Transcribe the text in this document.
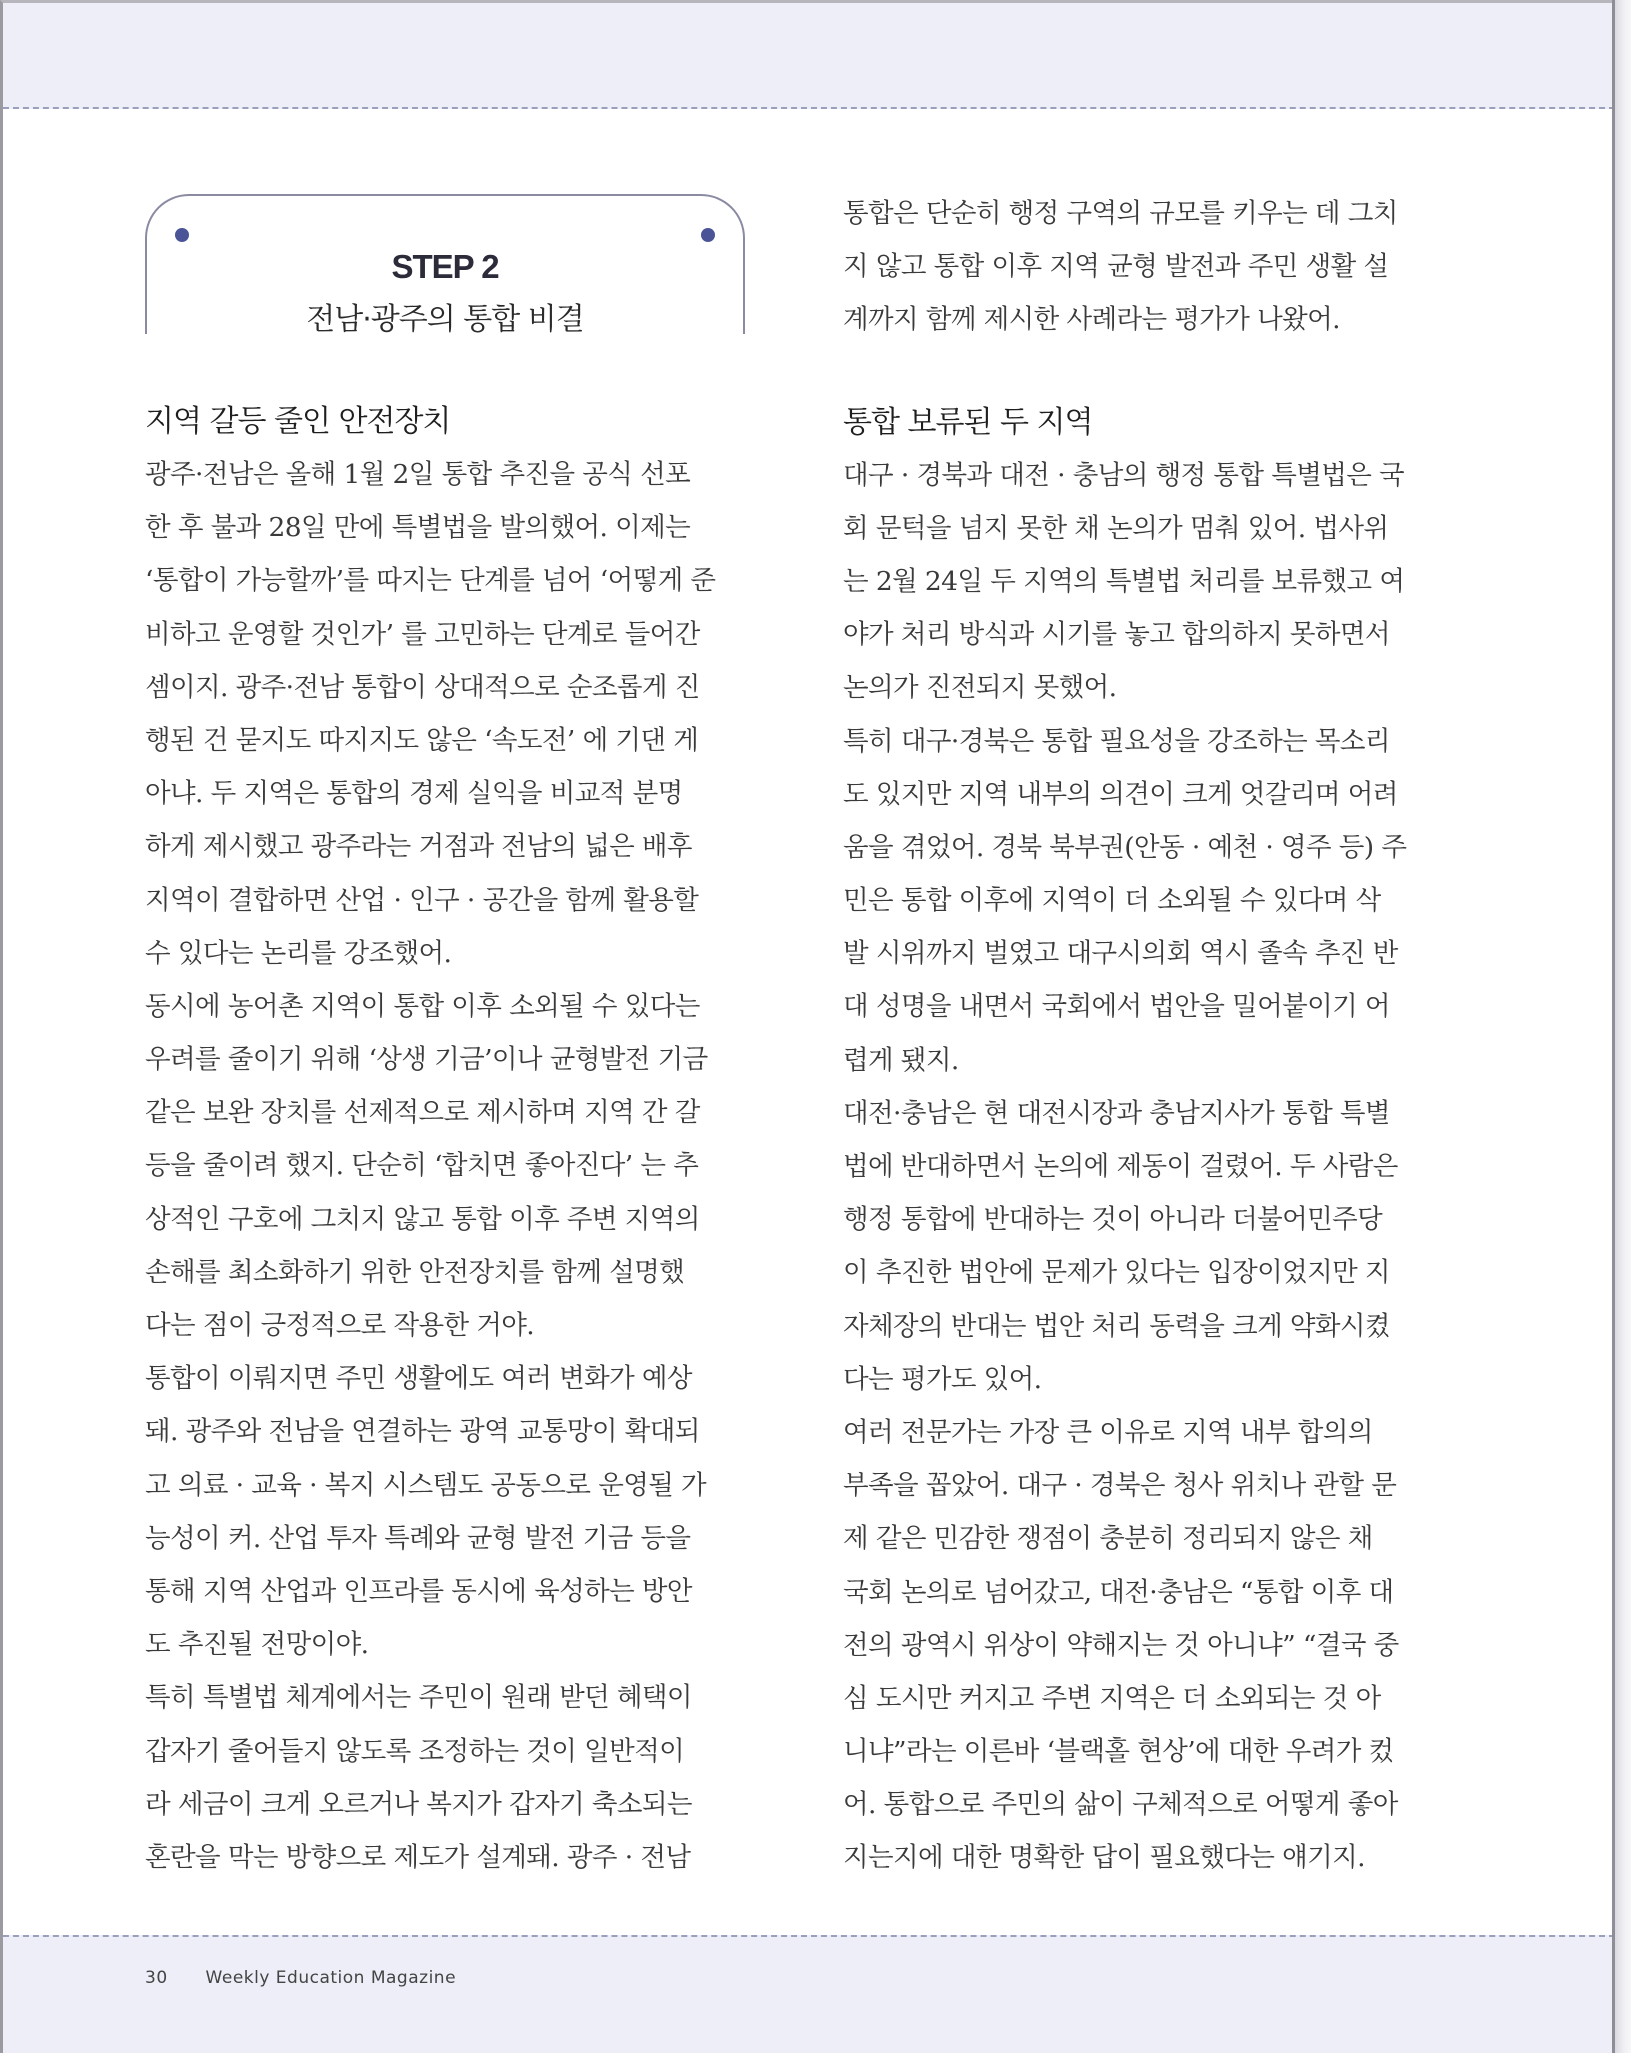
STEP 2
전남·광주의 통합 비결
지역 갈등 줄인 안전장치
광주·전남은 올해 1월 2일 통합 추진을 공식 선포
한 후 불과 28일 만에 특별법을 발의했어. 이제는
‘통합이 가능할까’를 따지는 단계를 넘어 ‘어떻게 준
비하고 운영할 것인가’ 를 고민하는 단계로 들어간
셈이지. 광주·전남 통합이 상대적으로 순조롭게 진
행된 건 묻지도 따지지도 않은 ‘속도전’ 에 기댄 게
아냐. 두 지역은 통합의 경제 실익을 비교적 분명
하게 제시했고 광주라는 거점과 전남의 넓은 배후
지역이 결합하면 산업 · 인구 · 공간을 함께 활용할
수 있다는 논리를 강조했어.
동시에 농어촌 지역이 통합 이후 소외될 수 있다는
우려를 줄이기 위해 ‘상생 기금’이나 균형발전 기금
같은 보완 장치를 선제적으로 제시하며 지역 간 갈
등을 줄이려 했지. 단순히 ‘합치면 좋아진다’ 는 추
상적인 구호에 그치지 않고 통합 이후 주변 지역의
손해를 최소화하기 위한 안전장치를 함께 설명했
다는 점이 긍정적으로 작용한 거야.
통합이 이뤄지면 주민 생활에도 여러 변화가 예상
돼. 광주와 전남을 연결하는 광역 교통망이 확대되
고 의료 · 교육 · 복지 시스템도 공동으로 운영될 가
능성이 커. 산업 투자 특례와 균형 발전 기금 등을
통해 지역 산업과 인프라를 동시에 육성하는 방안
도 추진될 전망이야.
특히 특별법 체계에서는 주민이 원래 받던 혜택이
갑자기 줄어들지 않도록 조정하는 것이 일반적이
라 세금이 크게 오르거나 복지가 갑자기 축소되는
혼란을 막는 방향으로 제도가 설계돼. 광주 · 전남
통합은 단순히 행정 구역의 규모를 키우는 데 그치
지 않고 통합 이후 지역 균형 발전과 주민 생활 설
계까지 함께 제시한 사례라는 평가가 나왔어.
통합 보류된 두 지역
대구 · 경북과 대전 · 충남의 행정 통합 특별법은 국
회 문턱을 넘지 못한 채 논의가 멈춰 있어. 법사위
는 2월 24일 두 지역의 특별법 처리를 보류했고 여
야가 처리 방식과 시기를 놓고 합의하지 못하면서
논의가 진전되지 못했어.
특히 대구·경북은 통합 필요성을 강조하는 목소리
도 있지만 지역 내부의 의견이 크게 엇갈리며 어려
움을 겪었어. 경북 북부권(안동 · 예천 · 영주 등) 주
민은 통합 이후에 지역이 더 소외될 수 있다며 삭
발 시위까지 벌였고 대구시의회 역시 졸속 추진 반
대 성명을 내면서 국회에서 법안을 밀어붙이기 어
렵게 됐지.
대전·충남은 현 대전시장과 충남지사가 통합 특별
법에 반대하면서 논의에 제동이 걸렸어. 두 사람은
행정 통합에 반대하는 것이 아니라 더불어민주당
이 추진한 법안에 문제가 있다는 입장이었지만 지
자체장의 반대는 법안 처리 동력을 크게 약화시켰
다는 평가도 있어.
여러 전문가는 가장 큰 이유로 지역 내부 합의의
부족을 꼽았어. 대구 · 경북은 청사 위치나 관할 문
제 같은 민감한 쟁점이 충분히 정리되지 않은 채
국회 논의로 넘어갔고, 대전·충남은 “통합 이후 대
전의 광역시 위상이 약해지는 것 아니냐” “결국 중
심 도시만 커지고 주변 지역은 더 소외되는 것 아
니냐”라는 이른바 ‘블랙홀 현상’에 대한 우려가 컸
어. 통합으로 주민의 삶이 구체적으로 어떻게 좋아
지는지에 대한 명확한 답이 필요했다는 얘기지.
30 Weekly Education Magazine
